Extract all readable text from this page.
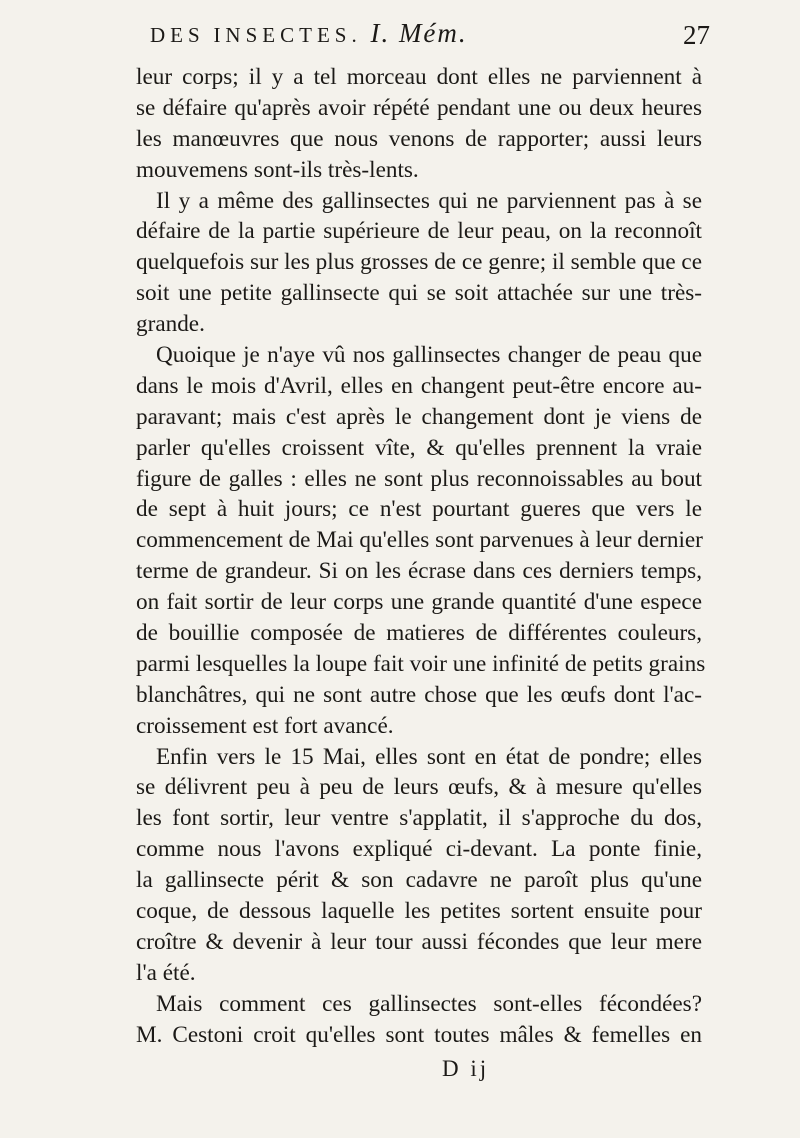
DES INSECTES. I. Mém.	27
leur corps; il y a tel morceau dont elles ne parviennent à
se défaire qu'après avoir répété pendant une ou deux heures
les manœuvres que nous venons de rapporter; aussi leurs
mouvemens sont-ils très-lents.
Il y a même des gallinsectes qui ne parviennent pas à se
défaire de la partie supérieure de leur peau, on la reconnoît
quelquefois sur les plus grosses de ce genre; il semble que ce
soit une petite gallinsecte qui se soit attachée sur une très-
grande.
Quoique je n'aye vû nos gallinsectes changer de peau que
dans le mois d'Avril, elles en changent peut-être encore au-
paravant; mais c'est après le changement dont je viens de
parler qu'elles croissent vîte, & qu'elles prennent la vraie
figure de galles : elles ne sont plus reconnoissables au bout
de sept à huit jours; ce n'est pourtant gueres que vers le
commencement de Mai qu'elles sont parvenues à leur dernier
terme de grandeur. Si on les écrase dans ces derniers temps,
on fait sortir de leur corps une grande quantité d'une espece
de bouillie composée de matieres de différentes couleurs,
parmi lesquelles la loupe fait voir une infinité de petits grains
blanchâtres, qui ne sont autre chose que les œufs dont l'ac-
croissement est fort avancé.
Enfin vers le 15 Mai, elles sont en état de pondre; elles
se délivrent peu à peu de leurs œufs, & à mesure qu'elles
les font sortir, leur ventre s'applatit, il s'approche du dos,
comme nous l'avons expliqué ci-devant. La ponte finie,
la gallinsecte périt & son cadavre ne paroît plus qu'une
coque, de dessous laquelle les petites sortent ensuite pour
croître & devenir à leur tour aussi fécondes que leur mere
l'a été.
Mais comment ces gallinsectes sont-elles fécondées?
M. Cestoni croit qu'elles sont toutes mâles & femelles en
D ij
